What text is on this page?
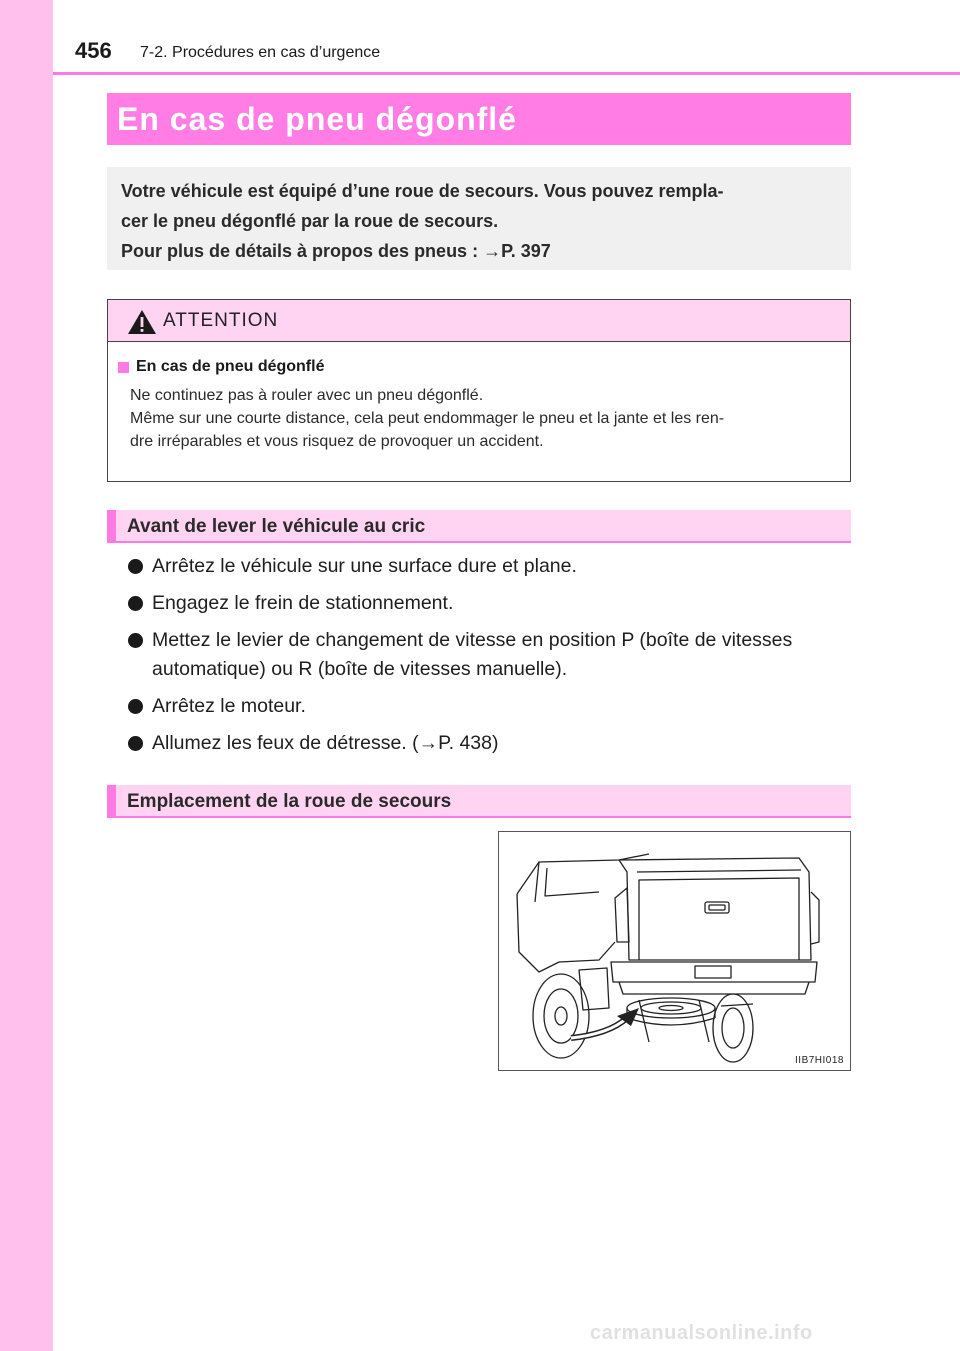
456 7-2. Procédures en cas d’urgence
En cas de pneu dégonflé

Votre véhicule est équipé d’une roue de secours. Vous pouvez rempla-

cer le pneu dégonflé par la roue de secours.

Pour plus de détails à propos des pneus : →P. 397

ATTENTION
En cas de pneu dégonflé

Ne continuez pas à rouler avec un pneu dégonflé.

Même sur une courte distance, cela peut endommager le pneu et la jante et les ren-

dre irréparables et vous risquez de provoquer un accident.

Avant de lever le véhicule au cric
Arrêtez le véhicule sur une surface dure et plane.
Engagez le frein de stationnement.
Mettez le levier de changement de vitesse en position P (boîte de vitesses automatique) ou R (boîte de vitesses manuelle).
Arrêtez le moteur.
Allumez les feux de détresse. (→P. 438)
Emplacement de la roue de secours
IIB7HI018
carmanualsonline.info
